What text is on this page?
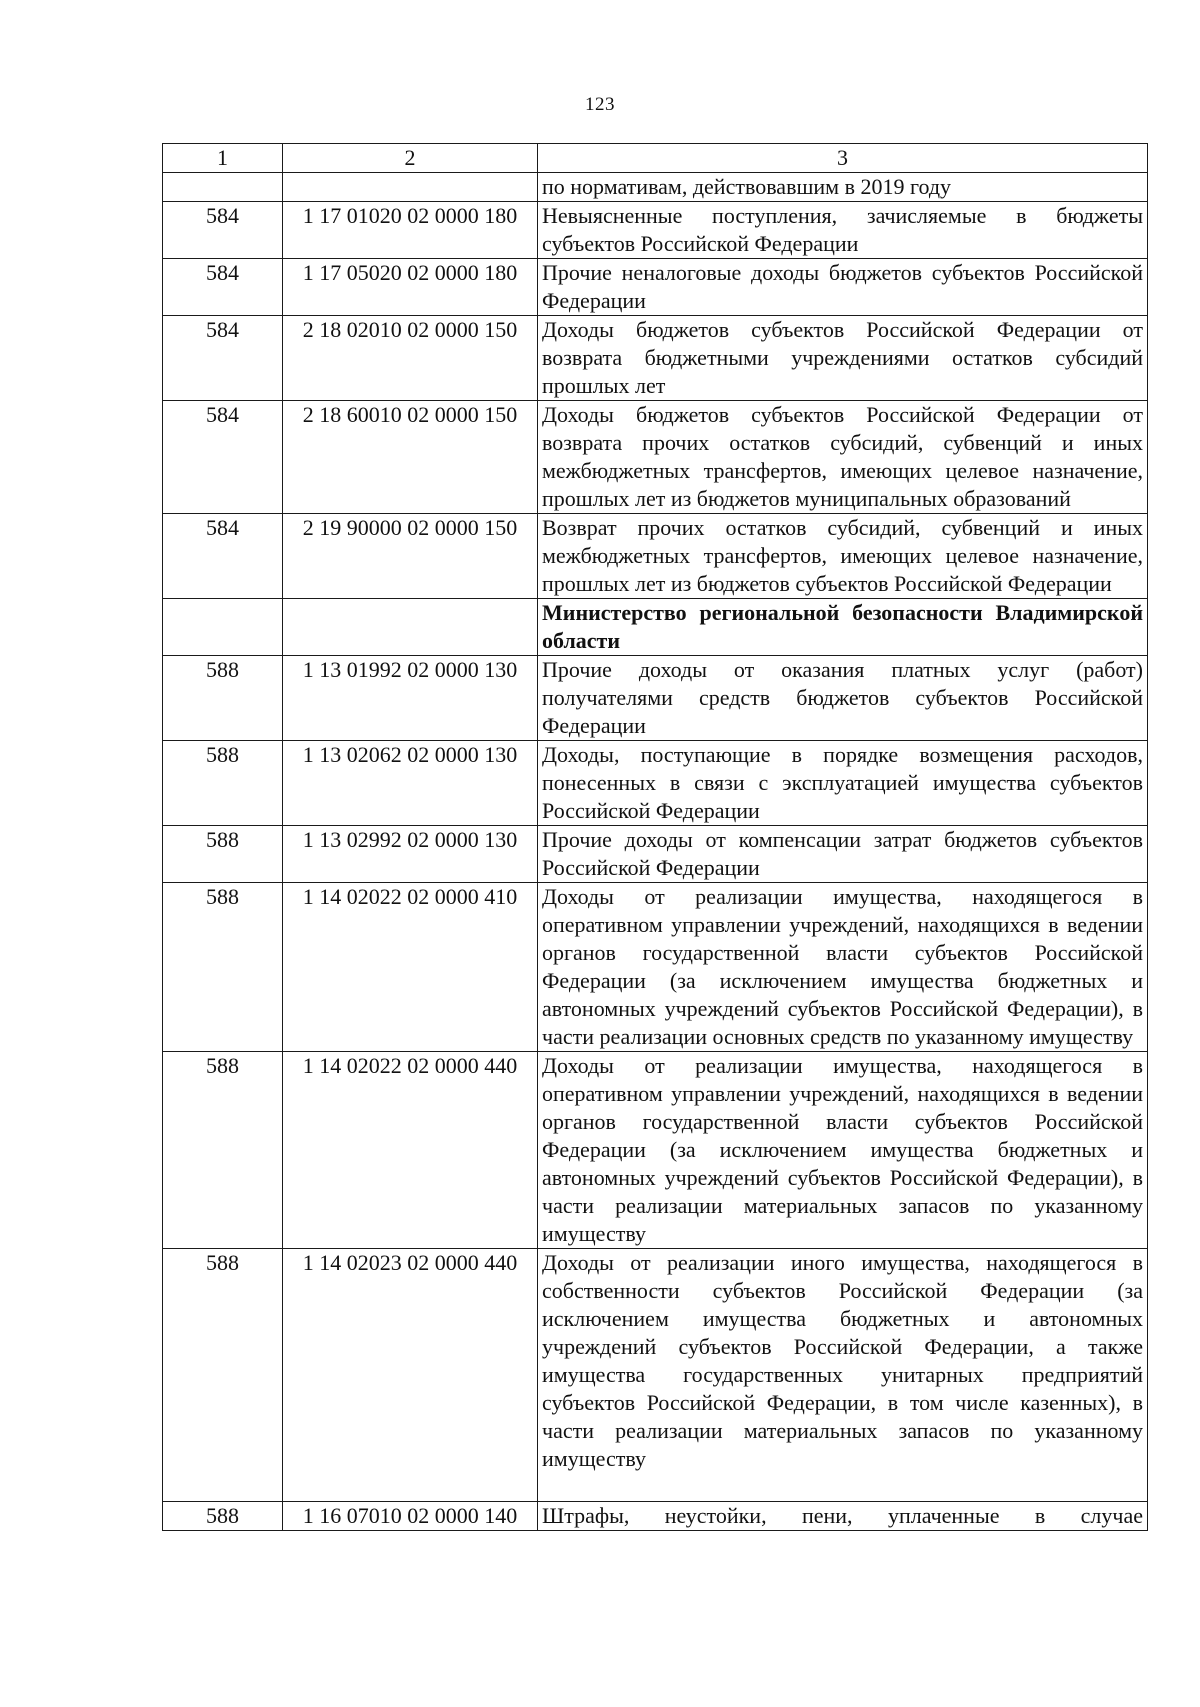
123
1	2	3
		по нормативам, действовавшим в 2019 году
584	1 17 01020 02 0000 180	Невыясненные поступления, зачисляемые в бюджеты субъектов Российской Федерации
584	1 17 05020 02 0000 180	Прочие неналоговые доходы бюджетов субъектов Российской Федерации
584	2 18 02010 02 0000 150	Доходы бюджетов субъектов Российской Федерации от возврата бюджетными учреждениями остатков субсидий прошлых лет
584	2 18 60010 02 0000 150	Доходы бюджетов субъектов Российской Федерации от возврата прочих остатков субсидий, субвенций и иных межбюджетных трансфертов, имеющих целевое назначение, прошлых лет из бюджетов муниципальных образований
584	2 19 90000 02 0000 150	Возврат прочих остатков субсидий, субвенций и иных межбюджетных трансфертов, имеющих целевое назначение, прошлых лет из бюджетов субъектов Российской Федерации
		Министерство региональной безопасности Владимирской области
588	1 13 01992 02 0000 130	Прочие доходы от оказания платных услуг (работ) получателями средств бюджетов субъектов Российской Федерации
588	1 13 02062 02 0000 130	Доходы, поступающие в порядке возмещения расходов, понесенных в связи с эксплуатацией имущества субъектов Российской Федерации
588	1 13 02992 02 0000 130	Прочие доходы от компенсации затрат бюджетов субъектов Российской Федерации
588	1 14 02022 02 0000 410	Доходы от реализации имущества, находящегося в оперативном управлении учреждений, находящихся в ведении органов государственной власти субъектов Российской Федерации (за исключением имущества бюджетных и автономных учреждений субъектов Российской Федерации), в части реализации основных средств по указанному имуществу
588	1 14 02022 02 0000 440	Доходы от реализации имущества, находящегося в оперативном управлении учреждений, находящихся в ведении органов государственной власти субъектов Российской Федерации (за исключением имущества бюджетных и автономных учреждений субъектов Российской Федерации), в части реализации материальных запасов по указанному имуществу
588	1 14 02023 02 0000 440	Доходы от реализации иного имущества, находящегося в собственности субъектов Российской Федерации (за исключением имущества бюджетных и автономных учреждений субъектов Российской Федерации, а также имущества государственных унитарных предприятий субъектов Российской Федерации, в том числе казенных), в части реализации материальных запасов по указанному имуществу
588	1 16 07010 02 0000 140	Штрафы, неустойки, пени, уплаченные в случае
